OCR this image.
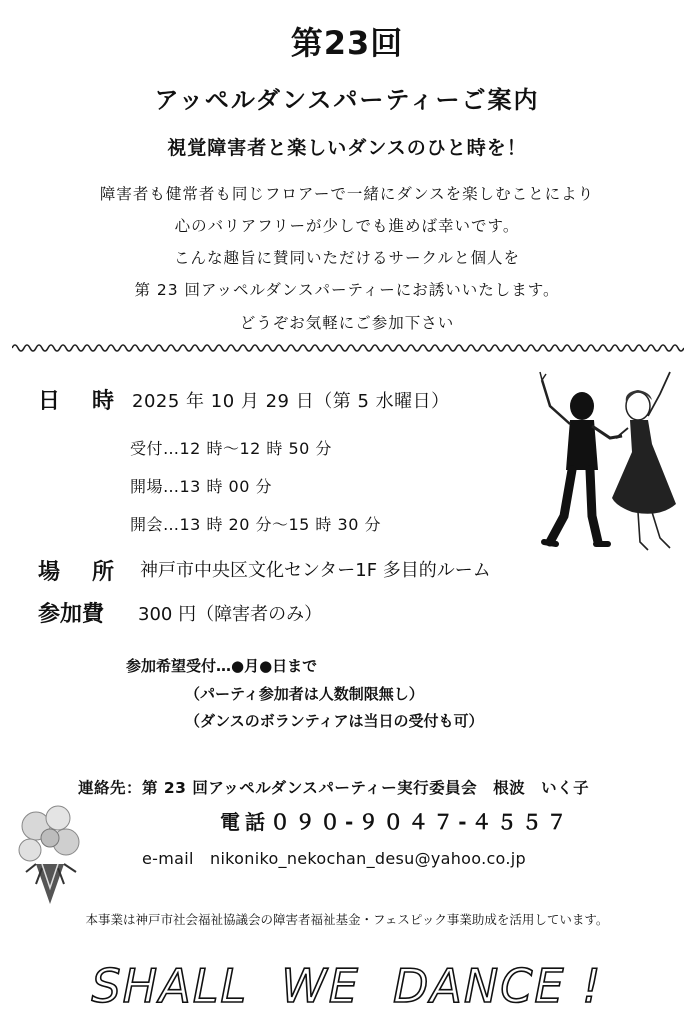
第23回
アッペルダンスパーティーご案内
視覚障害者と楽しいダンスのひと時を！
障害者も健常者も同じフロアーで一緒にダンスを楽しむことにより
心のバリアフリーが少しでも進めば幸いです。
こんな趣旨に賛同いただけるサークルと個人を
第 23 回アッペルダンスパーティーにお誘いいたします。
どうぞお気軽にご参加下さい
日 時 2025 年 10 月 29 日（第 5 水曜日）
受付…12 時～12 時 50 分
開場…13 時 00 分
開会…13 時 20 分～15 時 30 分
場 所 神戸市中央区文化センター1F 多目的ルーム
参加費 300 円（障害者のみ）
参加希望受付…●月●日まで
（パーティ参加者は人数制限無し）
（ダンスのボランティアは当日の受付も可）
連絡先：第 23 回アッペルダンスパーティー実行委員会　根波　いく子
電話０９０-９０４７-４５５７
e-mail　nikoniko_nekochan_desu@yahoo.co.jp
本事業は神戸市社会福祉協議会の障害者福祉基金・フェスピック事業助成を活用しています。
SHALL  WE  DANCE !
